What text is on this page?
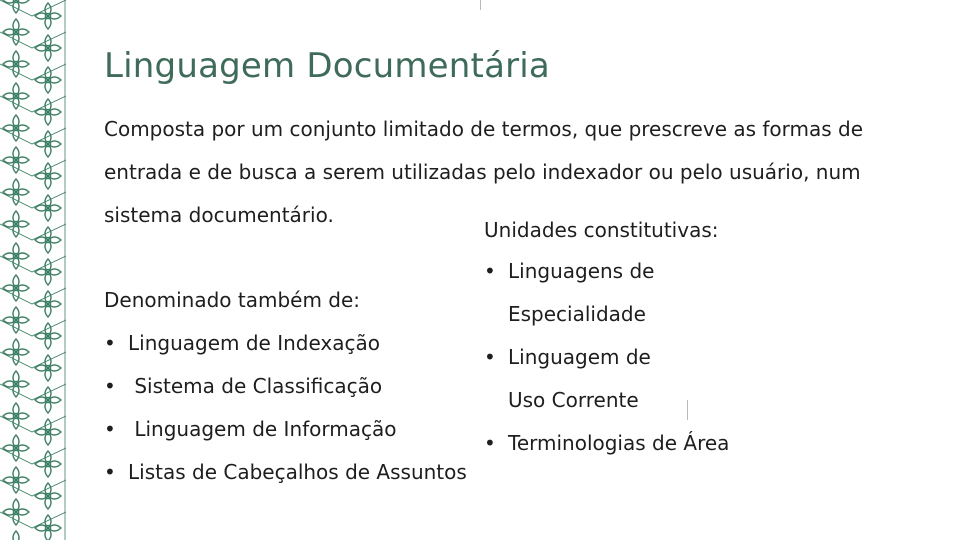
Linguagem Documentária

Composta por um conjunto limitado de termos, que prescreve as formas de entrada e de busca a serem utilizadas pelo indexador ou pelo usuário, num sistema documentário.

Denominado também de:

• Linguagem de Indexação
•  Sistema de Classificação
•  Linguagem de Informação
• Listas de Cabeçalhos de Assuntos

Unidades constitutivas:

• Linguagens de Especialidade
• Linguagem de Uso Corrente
• Terminologias de Área
